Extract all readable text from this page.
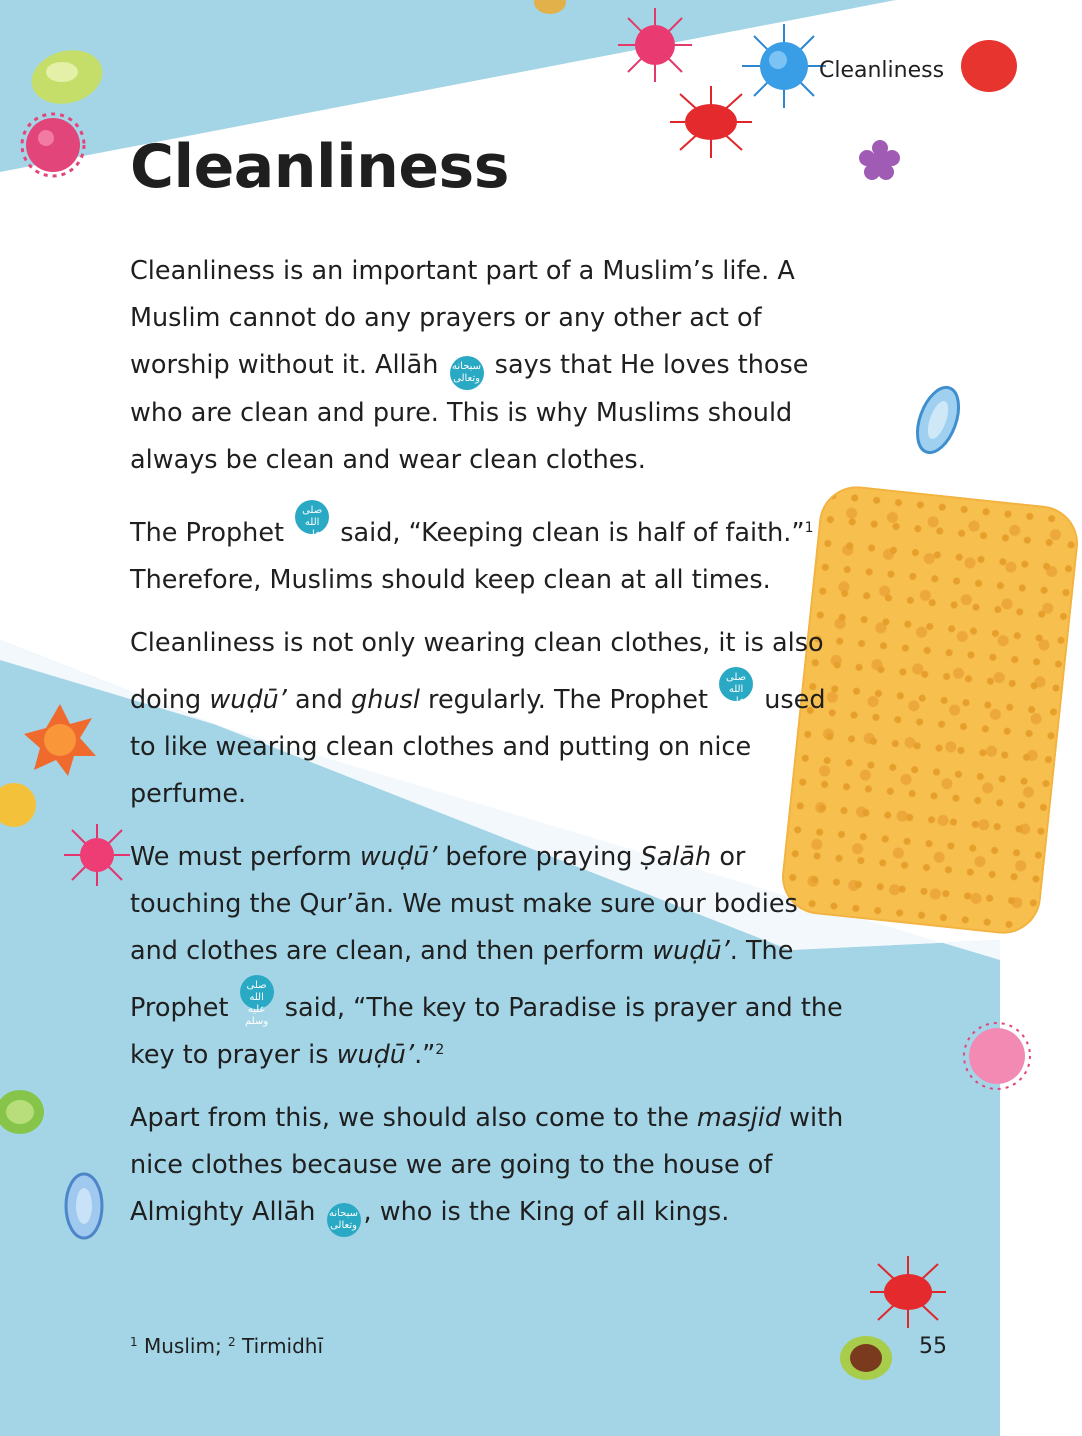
Cleanliness
Cleanliness

Cleanliness is an important part of a Muslim’s life. A Muslim cannot do any prayers or any other act of worship without it. Allāh سبحانه وتعالى says that He loves those who are clean and pure. This is why Muslims should always be clean and wear clean clothes.

The Prophet صلى الله عليه وسلم said, “Keeping clean is half of faith.”$^1$ Therefore, Muslims should keep clean at all times.

Cleanliness is not only wearing clean clothes, it is also doing wuḍū’ and ghusl regularly. The Prophet صلى الله عليه وسلم used to like wearing clean clothes and putting on nice perfume.

We must perform wuḍū’ before praying Ṣalāh or touching the Qur’ān. We must make sure our bodies and clothes are clean, and then perform wuḍū’. The Prophet صلى الله عليه وسلم said, “The key to Paradise is prayer and the key to prayer is wuḍū’.”$^2$

Apart from this, we should also come to the masjid with nice clothes because we are going to the house of Almighty Allāh سبحانه وتعالى , who is the King of all kings.

$^1$ Muslim; $^2$ Tirmidhī	55
